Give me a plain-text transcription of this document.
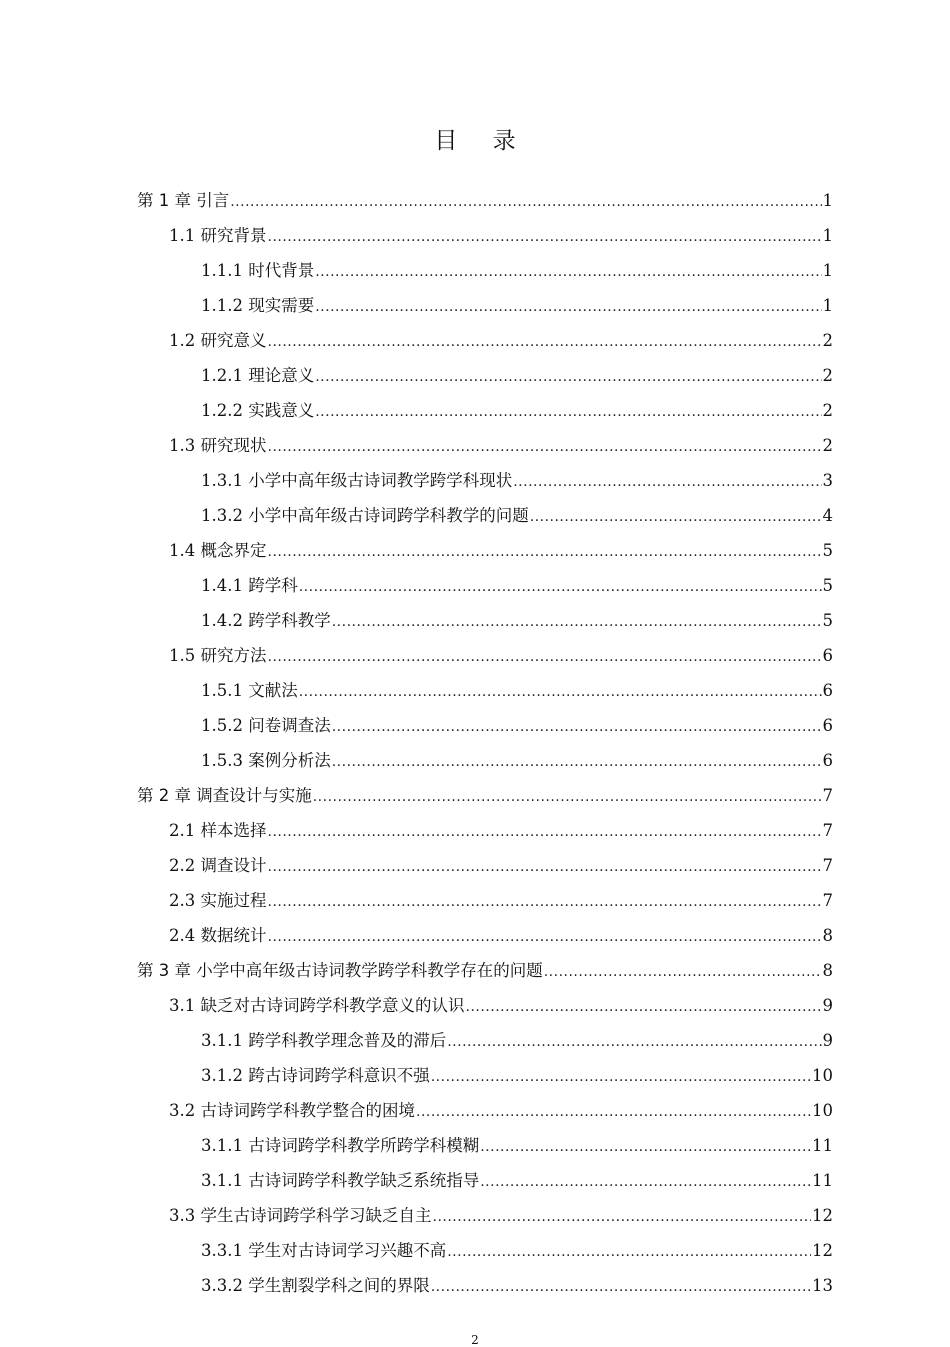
目 录
第 1 章 引言 .....	1
1.1 研究背景 .....	1
1.1.1 时代背景 .....	1
1.1.2 现实需要 .....	1
1.2 研究意义 .....	2
1.2.1 理论意义 .....	2
1.2.2 实践意义 .....	2
1.3 研究现状 .....	2
1.3.1 小学中高年级古诗词教学跨学科现状 .....	3
1.3.2 小学中高年级古诗词跨学科教学的问题 .....	4
1.4 概念界定 .....	5
1.4.1 跨学科 .....	5
1.4.2 跨学科教学 .....	5
1.5 研究方法 .....	6
1.5.1 文献法 .....	6
1.5.2 问卷调查法 .....	6
1.5.3 案例分析法 .....	6
第 2 章 调查设计与实施 .....	7
2.1 样本选择 .....	7
2.2 调查设计 .....	7
2.3 实施过程 .....	7
2.4 数据统计 .....	8
第 3 章 小学中高年级古诗词教学跨学科教学存在的问题 .....	8
3.1 缺乏对古诗词跨学科教学意义的认识 .....	9
3.1.1 跨学科教学理念普及的滞后 .....	9
3.1.2 跨古诗词跨学科意识不强 .....	10
3.2 古诗词跨学科教学整合的困境 .....	10
3.1.1 古诗词跨学科教学所跨学科模糊 .....	11
3.1.1 古诗词跨学科教学缺乏系统指导 .....	11
3.3 学生古诗词跨学科学习缺乏自主 .....	12
3.3.1 学生对古诗词学习兴趣不高 .....	12
3.3.2 学生割裂学科之间的界限 .....	13
2
